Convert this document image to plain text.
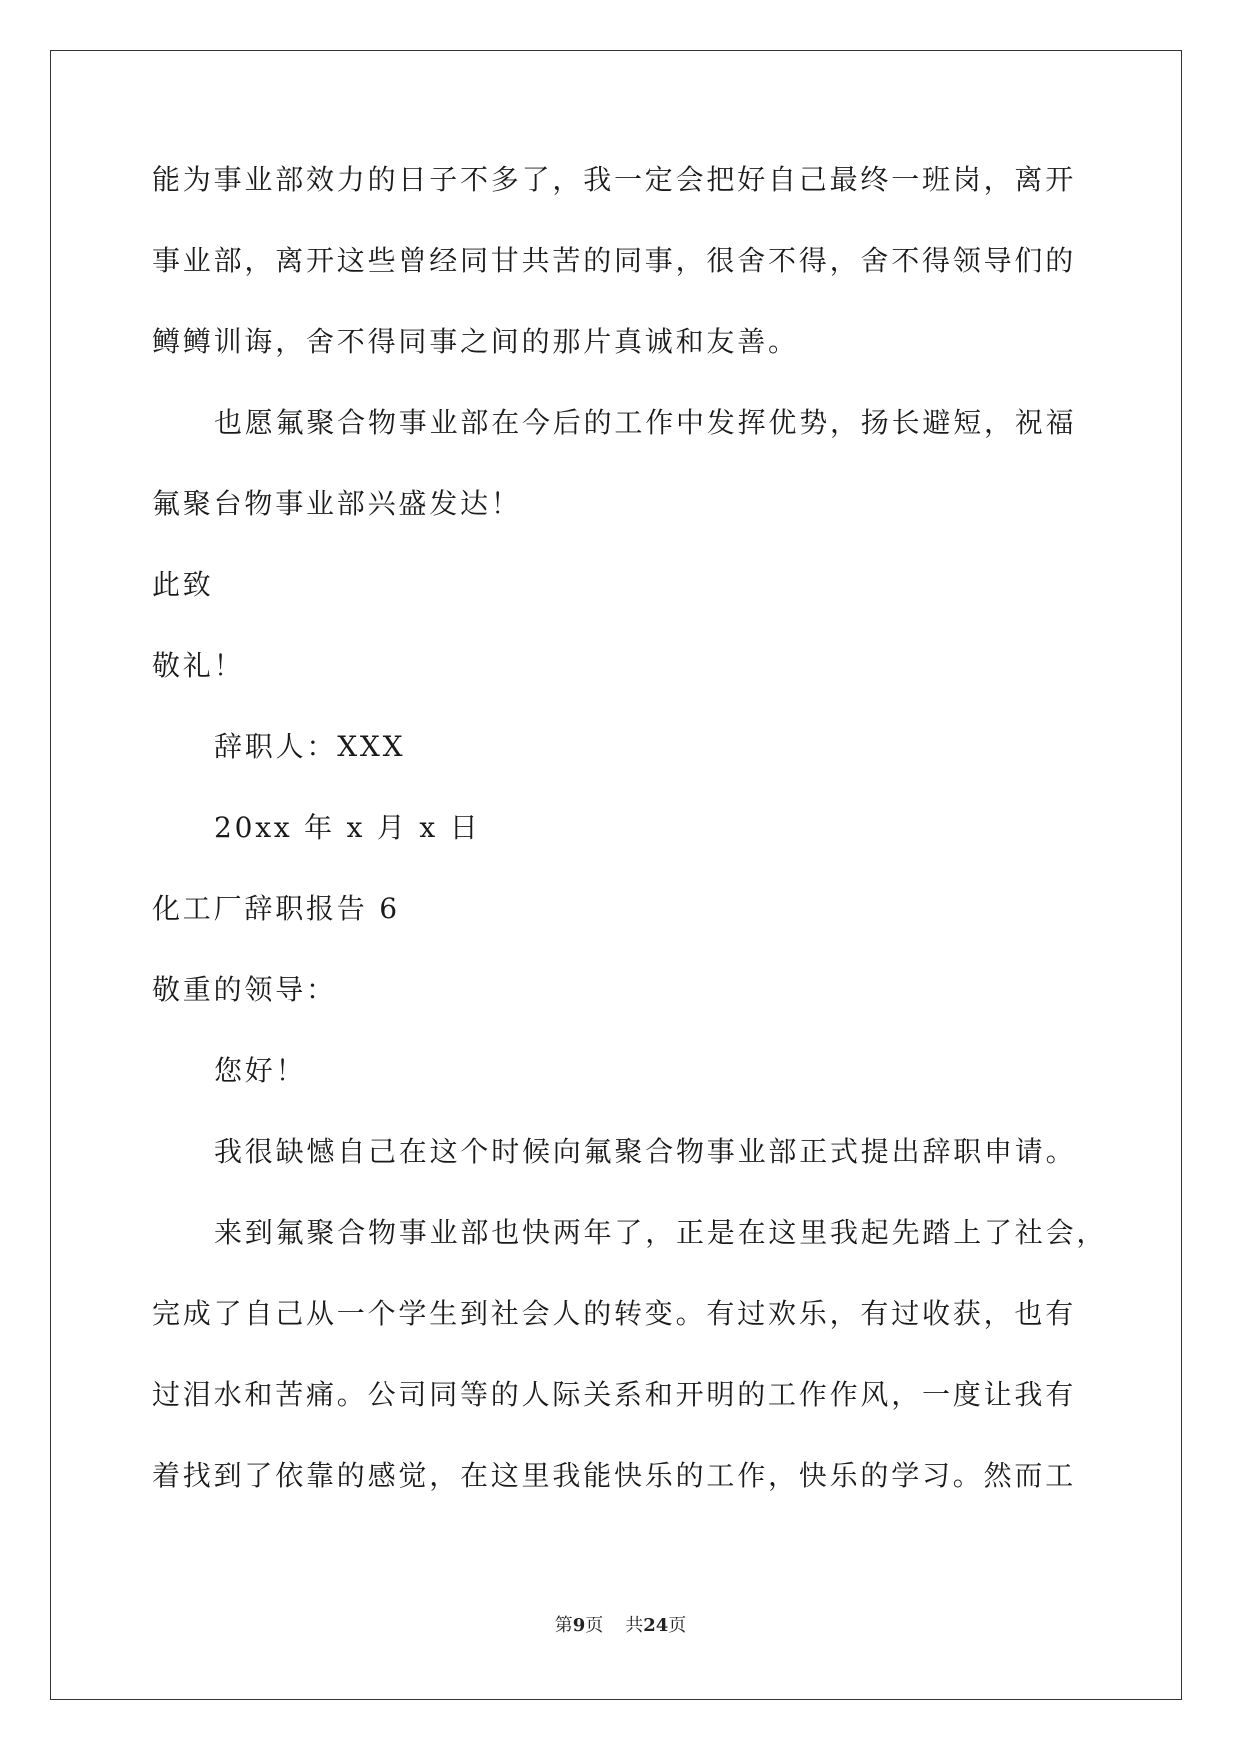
能为事业部效力的日子不多了，我一定会把好自己最终一班岗，离开
事业部，离开这些曾经同甘共苦的同事，很舍不得，舍不得领导们的
鳟鳟训诲，舍不得同事之间的那片真诚和友善。
也愿氟聚合物事业部在今后的工作中发挥优势，扬长避短，祝福
氟聚台物事业部兴盛发达！
此致
敬礼！
辞职人：XXX
20xx 年 x 月 x 日
化工厂辞职报告 6
敬重的领导：
您好！
我很缺憾自己在这个时候向氟聚合物事业部正式提出辞职申请。
来到氟聚合物事业部也快两年了，正是在这里我起先踏上了社会，
完成了自己从一个学生到社会人的转变。有过欢乐，有过收获，也有
过泪水和苦痛。公司同等的人际关系和开明的工作作风，一度让我有
着找到了依靠的感觉，在这里我能快乐的工作，快乐的学习。然而工
第9页 共24页
